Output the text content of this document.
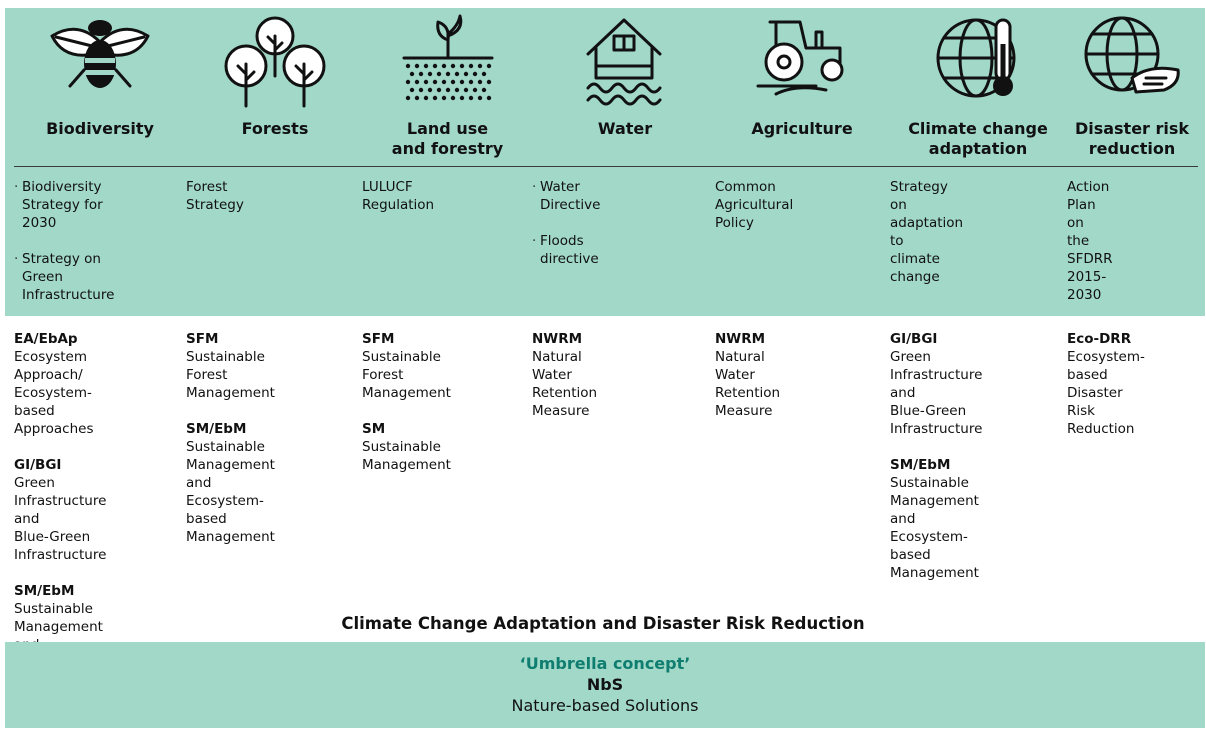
Biodiversity

· Biodiversity
Strategy for
2030

· Strategy on
Green
Infrastructure

EA/EbAp
Ecosystem Approach/
Ecosystem-based
Approaches
GI/BGI
Green
Infrastructure and
Blue-Green
Infrastructure
SM/EbM
Sustainable
Management

Forests

Forest Strategy

SFM
Sustainable Forest
Management
SM/EbM
Sustainable
Management and
Ecosystem-based
Management
Land use
and forestry

LULUCF
Regulation

SFM
Sustainable Forest
Management
SM
Sustainable
Management
Water

· Water Directive

· Floods directive

NWRM
Natural Water
Retention Measure
Agriculture

Common
Agricultural
Policy

NWRM
Natural Water
Retention Measure
Climate change
adaptation

Strategy on
adaptation to
climate change

GI/BGI
Green Infrastructure
and
Blue-Green
Infrastructure
SM/EbM
Sustainable
Management and
Ecosystem-based
Management
Disaster risk
reduction

Action Plan on
the SFDRR
2015-2030

Eco-DRR
Ecosystem-based
Disaster Risk
Reduction
Climate Change Adaptation and Disaster Risk Reduction
‘Umbrella concept’
NbS
Nature-based Solutions
